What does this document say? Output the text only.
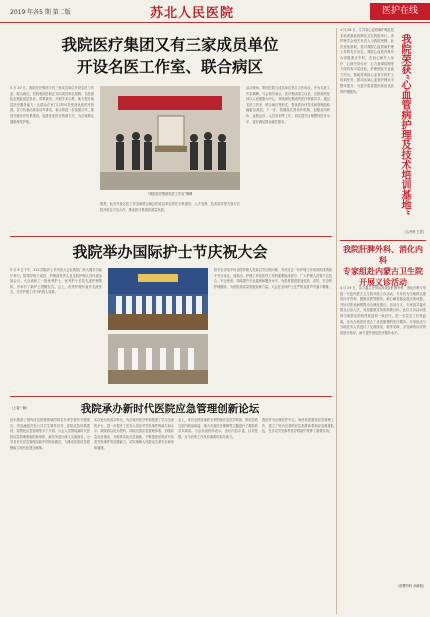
2019 年各5 期 第二版	苏北人民医院	医护在线
我院医疗集团又有三家成员单位
开设名医工作室、联合病区
5 月 20 日，我院医疗集团又有三家成员单位开设名医工作室、联合病区。医院集团总院正式向成员单位授牌，名医团队定期赴基层坐诊，带教查房，开展手术示教，助力提升基层医疗服务能力，让群众在家门口即可享受到优质医疗资源。各方代表出席活动并讲话，表示将进一步加强合作，推进分级诊疗体系建设，促进优质医疗资源下沉，为区域群众健康保驾护航。
“我院医疗集团名医工作室”揭牌
据悉，此次开设名医工作室和联合病区的成员单位将在专科建设、人才培养、技术指导等方面与总院开展全方位合作，推动医疗集团高质量发展。
活动现场，集团总院与成员单位签订合作协议，并为名医工作室揭牌。与会领导表示，医疗集团成立以来，总院始终坚持以人民健康为中心，持续深化集团内医疗资源共享，通过名医工作室、联合病区等形式，将优质诊疗技术和管理经验辐射至基层。下一步，将继续完善协作机制，加强双向转诊、远程会诊、人员培训等工作，切实提升区域整体医疗水平，更好满足群众就医需求。
我院举办国际护士节庆祝大会
5 月 9 日下午，512 国际护士节庆祝大会在我院门诊大楼多功能厅举行。院领导班子成员、护理部负责人及全院护理人员代表参加会议。大会表彰了一批优秀护士、优秀护士长及先进护理集体，并举行了新护士授帽仪式。会上，优秀护理代表作交流发言，分享护理工作中的感人故事。
院长在讲话中向全院护理人员致以节日的问候，并对过去一年护理工作取得的成绩给予充分肯定。他指出，护理工作是医疗工作的重要组成部分，广大护理人员要不忘初心、牢记使命，持续提升专业素养和服务水平，为患者提供更加优质、高效、安全的护理服务，为医院高质量发展贡献力量。大会在全体护士庄严的宣誓声中落下帷幕。
我院承办新时代医院应急管理创新论坛
（上接一版）
论坛邀请了国内应急管理领域的知名专家学者作专题报告，内容涵盖突发公共卫生事件应对、医院应急体系建设、智慧化应急管理等多个方面。与会人员围绕新时代医院应急管理面临的新形势、新任务进行深入交流探讨，分享各自在应急管理实践中的经验做法，为推动医院应急管理能力现代化建言献策。
本次论坛的成功举办，为区域内医疗机构搭建了学习交流的平台，进一步提升了医务人员应对突发事件的能力和水平。我院将以此为契机，持续完善应急管理体系，加强应急队伍建设，开展常态化应急演练，不断提高医院应对各类突发事件的处置能力，切实保障人民群众生命安全和身体健康。
会上，来自全国各地的专家围绕应急医学救援、院前急救与院内救治衔接、重大灾害医疗保障等主题进行了精彩的学术演讲。与会代表纷纷表示，论坛内容丰富、针对性强，对今后的工作具有重要的指导意义。
我院作为区域医疗中心，始终高度重视应急管理工作，建立了较为完善的应急指挥体系和应急救援队伍，在多次突发事件医疗救援中发挥了重要作用。
4 月 28 日，江苏省心血管病护理及技术培训基地授牌仪式在我院举行。省护理学会相关负责人为我院授牌。此次获批基地，是对我院心血管病护理工作的充分肯定。我院心血管内科作为省级重点专科，在冠心病介入治疗、心律失常诊疗、心力衰竭管理等方面具有丰富经验，护理团队专业能力突出。基地将承担心血管专科护士培训任务，推动区域心血管护理水平整体提升，为更多患者提供规范优质的护理服务。	我院荣获“心血管病护理及技术培训基地”
（心内科 王君）
我院肝脾外科、消化内科
专家组赴内蒙古卫生院
开展义诊活动
4 月 29 日，由方鑫主任带队的我院肝脾外科、消化内科专家组一行赴内蒙古卫生院开展义诊活动。专家们为当地群众提供诊疗咨询、健康宣教等服务，耐心解答群众提出的问题，并针对患者病情提出合理化建议。活动当天，专家组共接诊群众百余人次，发放健康宣传资料数百份。此次义诊活动受到当地群众的热烈欢迎和一致好评，进一步拉近了医患距离，也为当地居民送去了优质便捷的医疗服务。专家组还与当地医务人员进行了交流座谈，就常见病、多发病的诊疗规范进行指导，助力提升基层医疗服务水平。
（肝脾外科 孙晓旭）
